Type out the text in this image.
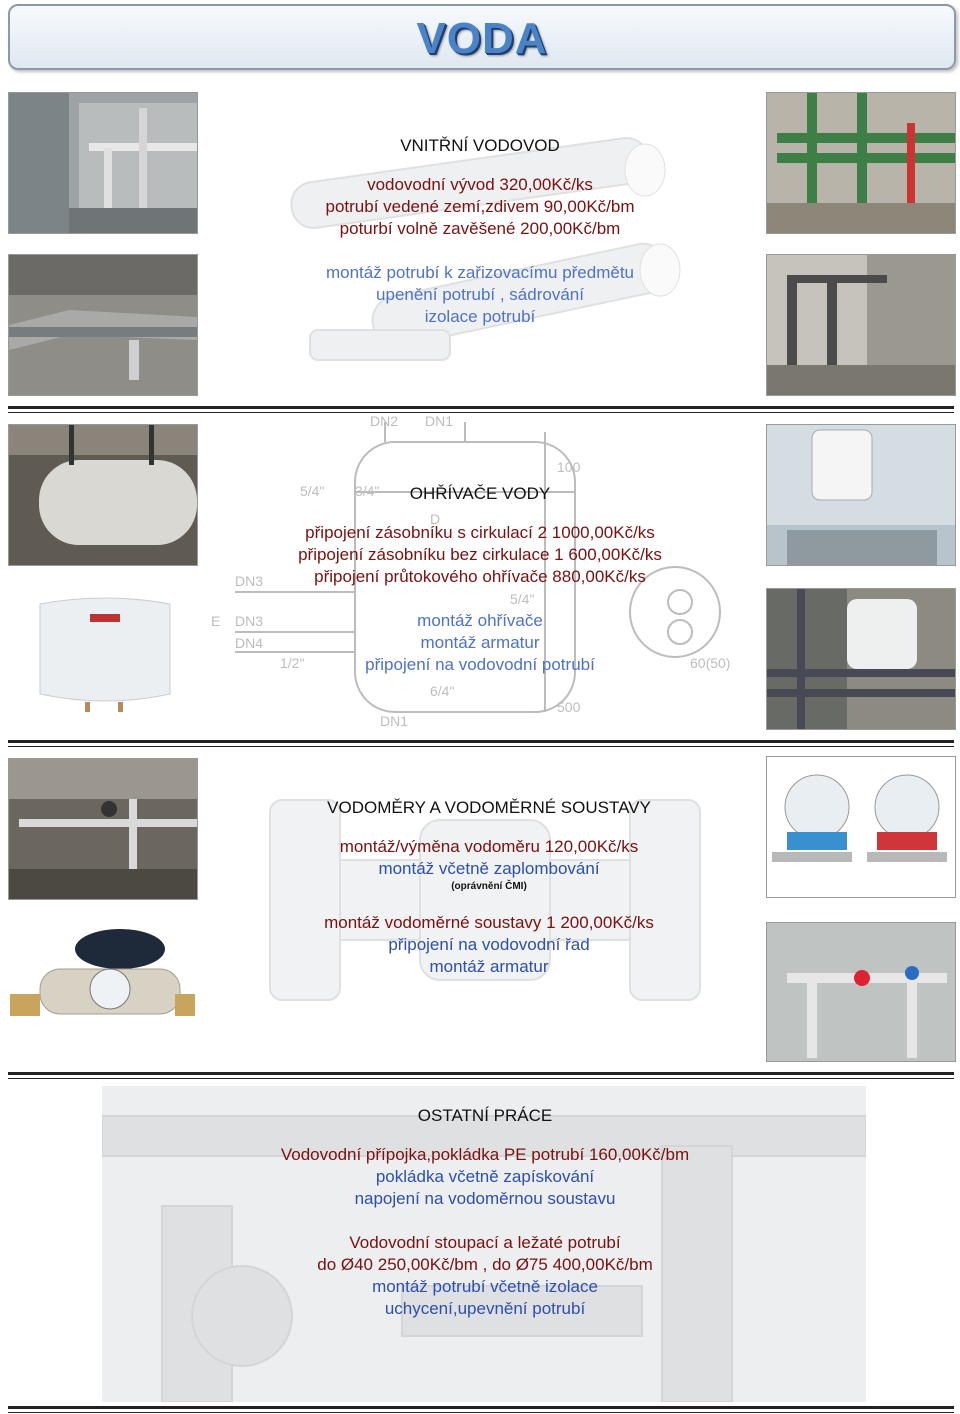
VODA
VNITŘNÍ VODOVOD
vodovodní vývod 320,00Kč/ks
potrubí vedené zemí,zdivem 90,00Kč/bm
poturbí volně zavěšené 200,00Kč/bm
montáž potrubí k zařizovacímu předmětu
upenění potrubí , sádrování
izolace potrubí
DN2 DN1
5/4" 3/4"
D
DN3
DN3
DN4
1/2"
5/4"
6/4"
DN1
60(50)
500
100
E
OHŘÍVAČE VODY
připojení zásobníku s cirkulací 2 1000,00Kč/ks
připojení zásobníku bez cirkulace 1 600,00Kč/ks
připojení průtokového ohřívače 880,00Kč/ks
montáž ohřívače
montáž armatur
připojení na vodovodní potrubí
VODOMĚRY A VODOMĚRNÉ SOUSTAVY
montáž/výměna vodoměru 120,00Kč/ks
montáž včetně zaplombování
(oprávnění ČMI)
montáž vodoměrné soustavy 1 200,00Kč/ks
připojení na vodovodní řad
montáž armatur
OSTATNÍ PRÁCE
Vodovodní přípojka,pokládka PE potrubí 160,00Kč/bm
pokládka včetně zapískování
napojení na vodoměrnou soustavu
Vodovodní stoupací a ležaté potrubí
do Ø40 250,00Kč/bm , do Ø75 400,00Kč/bm
montáž potrubí včetně izolace
uchycení,upevnění potrubí
